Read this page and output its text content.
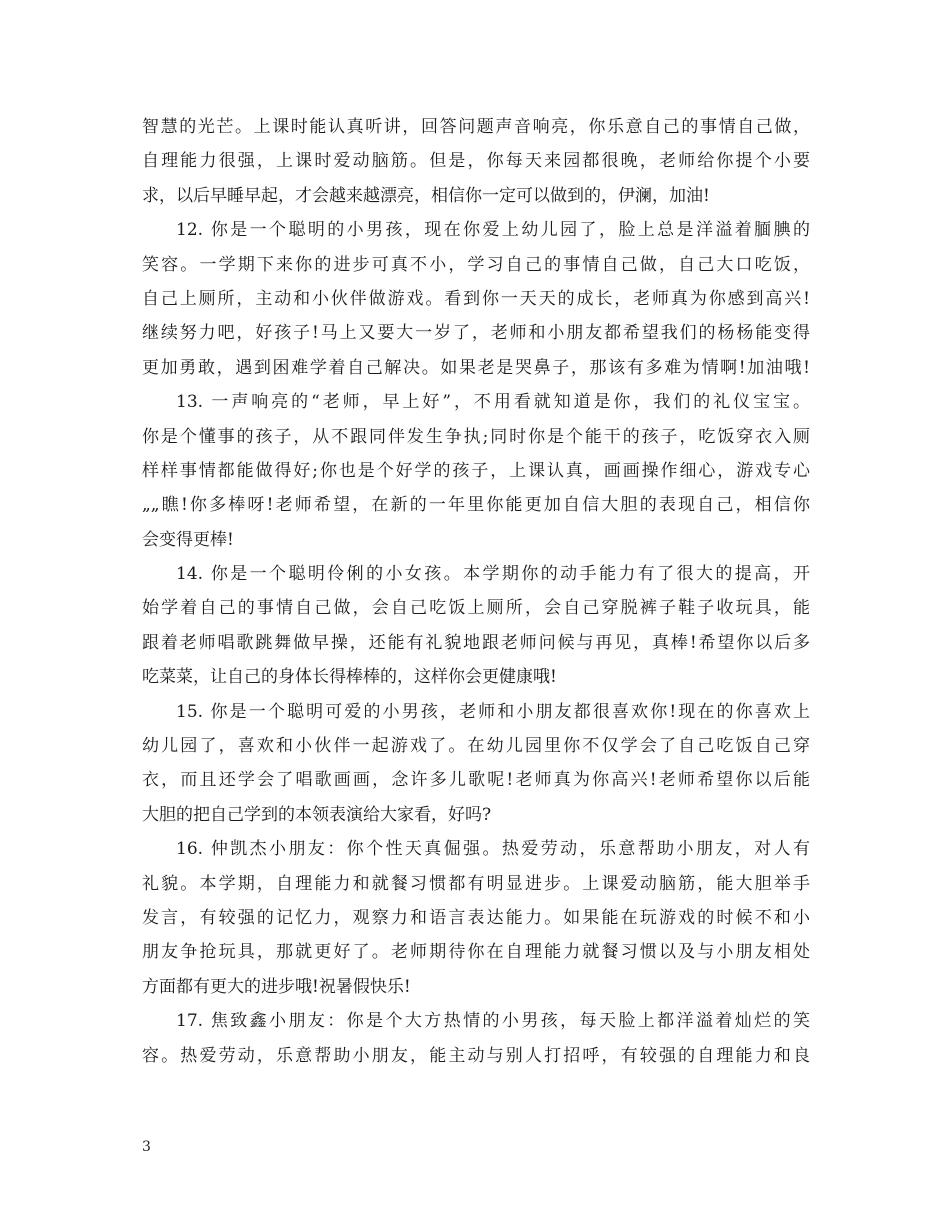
智慧的光芒。上课时能认真听讲，回答问题声音响亮，你乐意自己的事情自己做，
自理能力很强，上课时爱动脑筋。但是，你每天来园都很晚，老师给你提个小要
求，以后早睡早起，才会越来越漂亮，相信你一定可以做到的，伊澜，加油!
12. 你是一个聪明的小男孩，现在你爱上幼儿园了，脸上总是洋溢着腼腆的
笑容。一学期下来你的进步可真不小，学习自己的事情自己做，自己大口吃饭，
自己上厕所，主动和小伙伴做游戏。看到你一天天的成长，老师真为你感到高兴!
继续努力吧，好孩子!马上又要大一岁了，老师和小朋友都希望我们的杨杨能变得
更加勇敢，遇到困难学着自己解决。如果老是哭鼻子，那该有多难为情啊!加油哦!
13. 一声响亮的“老师，早上好”，不用看就知道是你，我们的礼仪宝宝。
你是个懂事的孩子，从不跟同伴发生争执;同时你是个能干的孩子，吃饭穿衣入厕
样样事情都能做得好;你也是个好学的孩子，上课认真，画画操作细心，游戏专心
„„瞧!你多棒呀!老师希望，在新的一年里你能更加自信大胆的表现自己，相信你
会变得更棒!
14. 你是一个聪明伶俐的小女孩。本学期你的动手能力有了很大的提高，开
始学着自己的事情自己做，会自己吃饭上厕所，会自己穿脱裤子鞋子收玩具，能
跟着老师唱歌跳舞做早操，还能有礼貌地跟老师问候与再见，真棒!希望你以后多
吃菜菜，让自己的身体长得棒棒的，这样你会更健康哦!
15. 你是一个聪明可爱的小男孩，老师和小朋友都很喜欢你!现在的你喜欢上
幼儿园了，喜欢和小伙伴一起游戏了。在幼儿园里你不仅学会了自己吃饭自己穿
衣，而且还学会了唱歌画画，念许多儿歌呢!老师真为你高兴!老师希望你以后能
大胆的把自己学到的本领表演给大家看，好吗?
16. 仲凯杰小朋友：你个性天真倔强。热爱劳动，乐意帮助小朋友，对人有
礼貌。本学期，自理能力和就餐习惯都有明显进步。上课爱动脑筋，能大胆举手
发言，有较强的记忆力，观察力和语言表达能力。如果能在玩游戏的时候不和小
朋友争抢玩具，那就更好了。老师期待你在自理能力就餐习惯以及与小朋友相处
方面都有更大的进步哦!祝暑假快乐!
17. 焦致鑫小朋友：你是个大方热情的小男孩，每天脸上都洋溢着灿烂的笑
容。热爱劳动，乐意帮助小朋友，能主动与别人打招呼，有较强的自理能力和良
3
